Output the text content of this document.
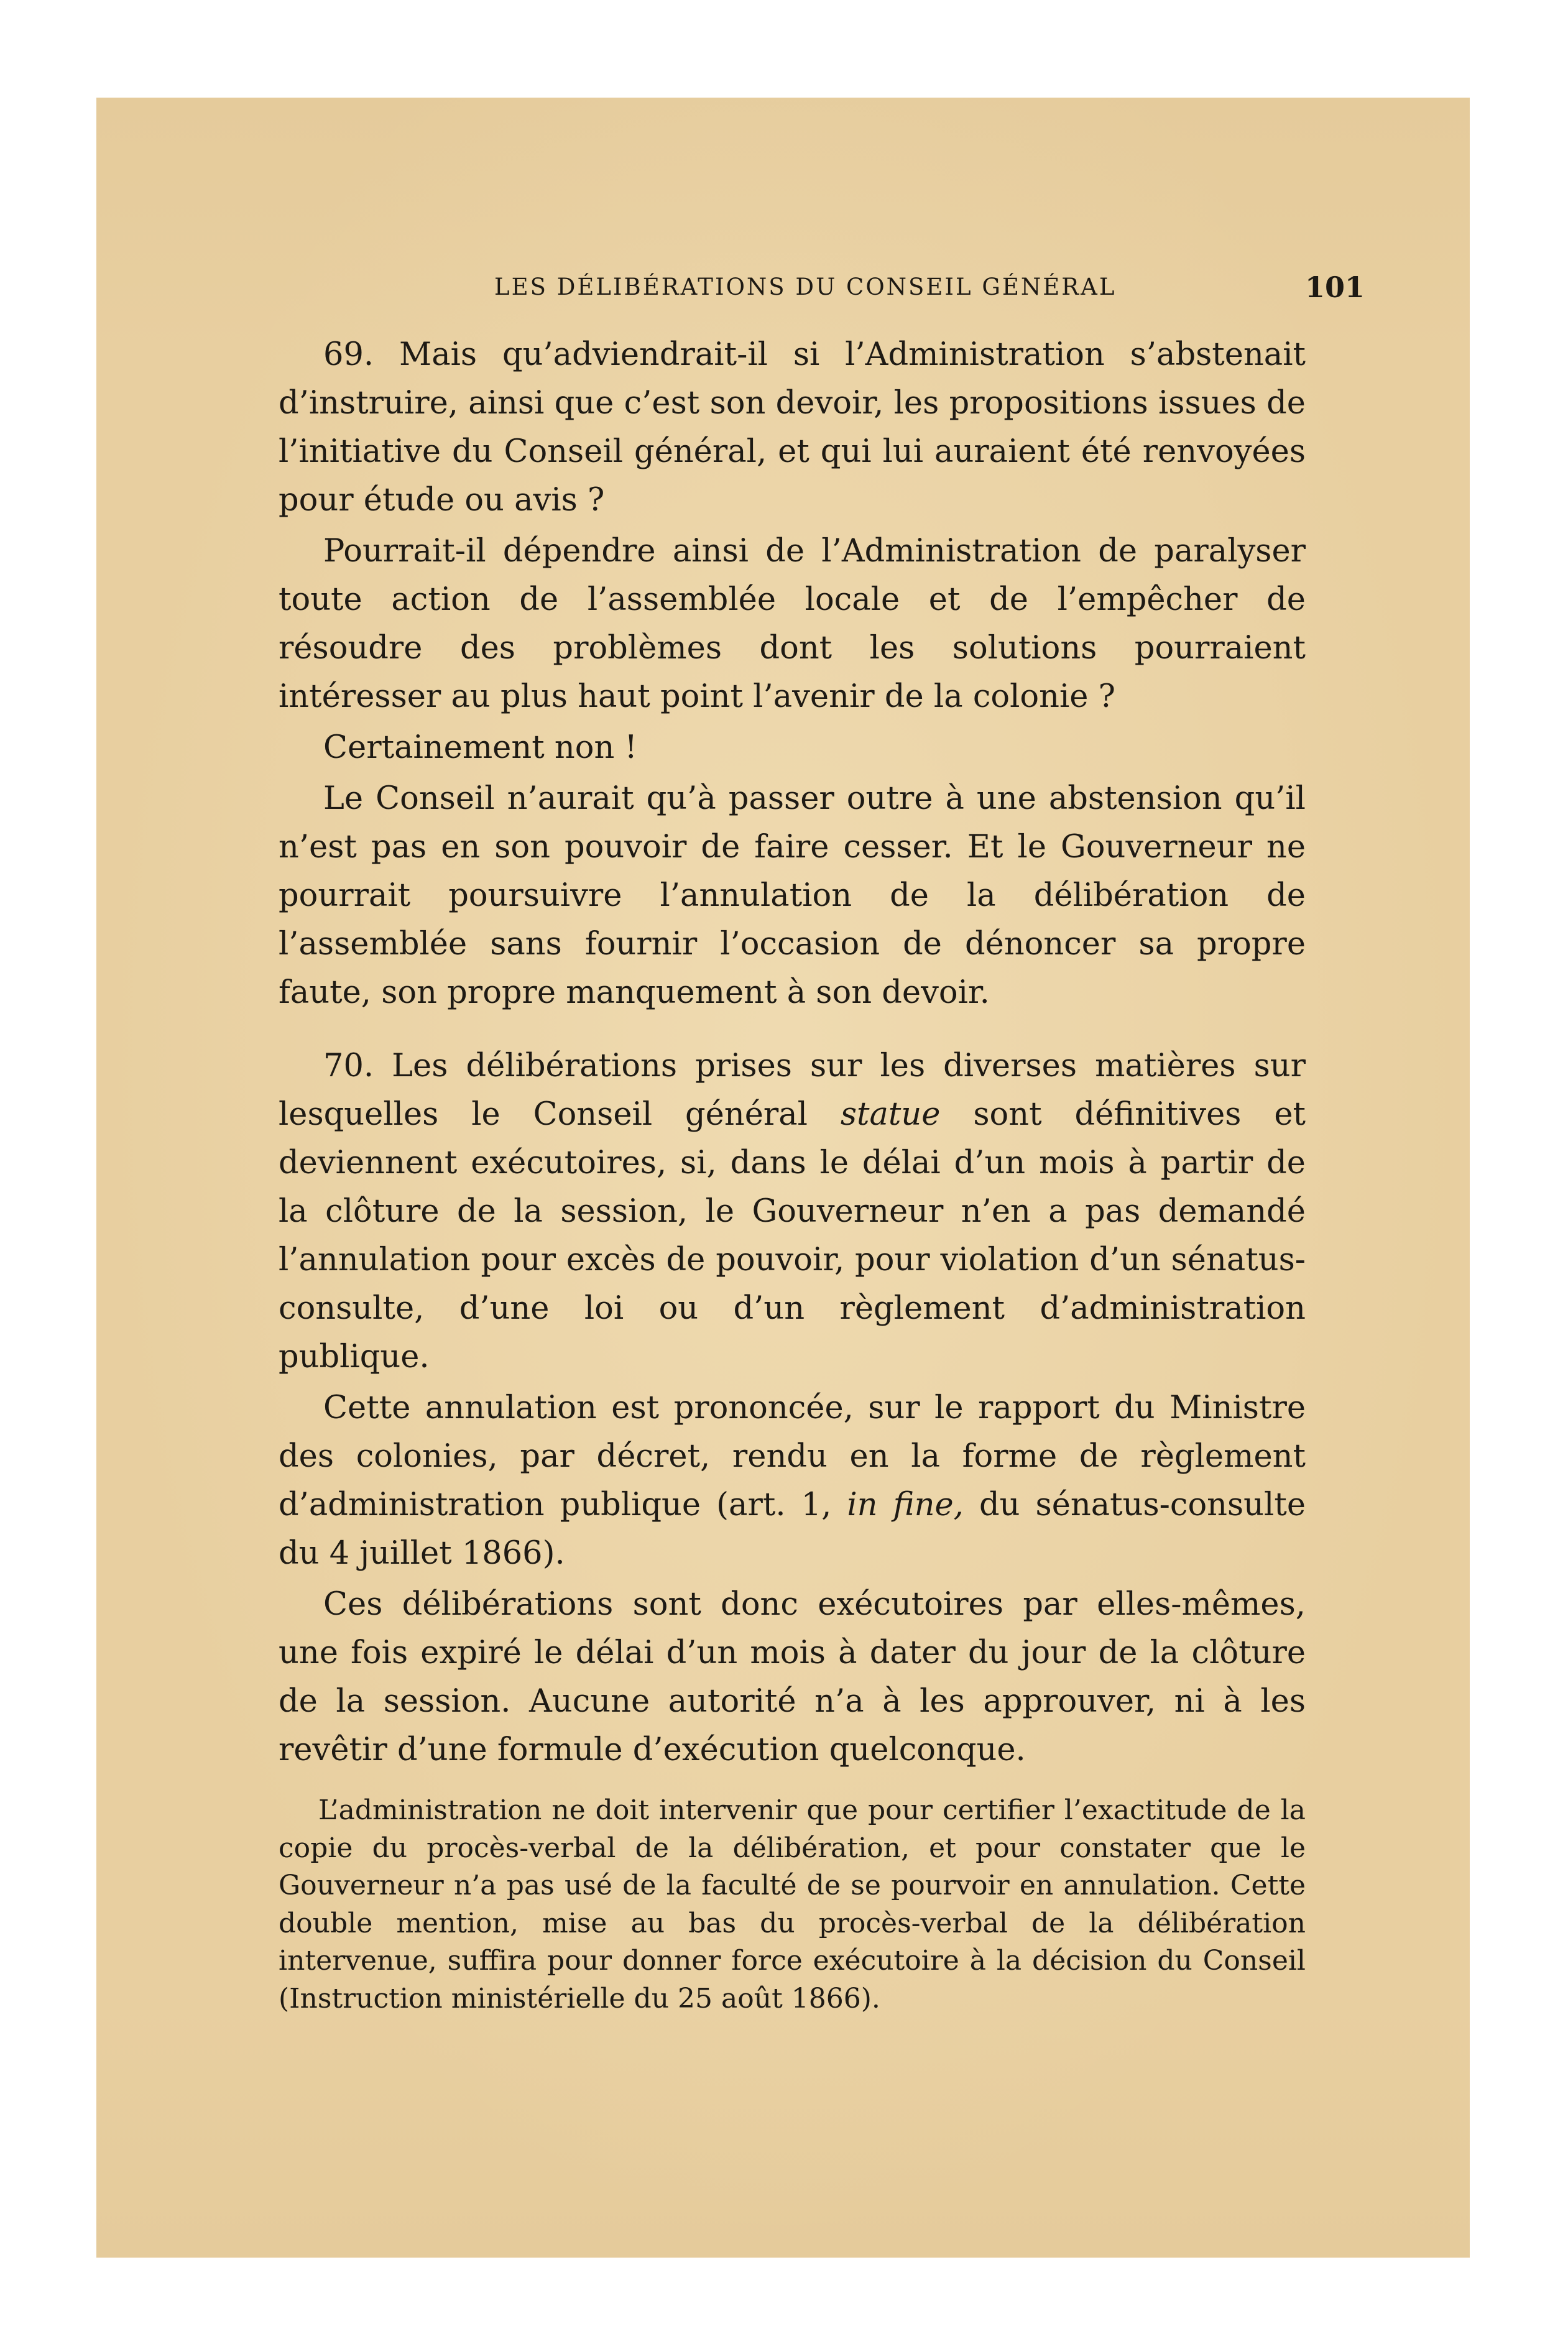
LES DÉLIBÉRATIONS DU CONSEIL GÉNÉRAL	101

69. Mais qu’adviendrait-il si l’Administration s’abstenait d’instruire, ainsi que c’est son devoir, les propositions issues de l’initiative du Conseil général, et qui lui auraient été renvoyées pour étude ou avis ?

Pourrait-il dépendre ainsi de l’Administration de paralyser toute action de l’assemblée locale et de l’empêcher de résoudre des problèmes dont les solutions pourraient intéresser au plus haut point l’avenir de la colonie ?

Certainement non !

Le Conseil n’aurait qu’à passer outre à une abstension qu’il n’est pas en son pouvoir de faire cesser. Et le Gouverneur ne pourrait poursuivre l’annulation de la délibération de l’assemblée sans fournir l’occasion de dénoncer sa propre faute, son propre manquement à son devoir.

70. Les délibérations prises sur les diverses matières sur lesquelles le Conseil général statue sont définitives et deviennent exécutoires, si, dans le délai d’un mois à partir de la clôture de la session, le Gouverneur n’en a pas demandé l’annulation pour excès de pouvoir, pour violation d’un sénatus-consulte, d’une loi ou d’un règlement d’administration publique.

Cette annulation est prononcée, sur le rapport du Ministre des colonies, par décret, rendu en la forme de règlement d’administration publique (art. 1, in fine, du sénatus-consulte du 4 juillet 1866).

Ces délibérations sont donc exécutoires par elles-mêmes, une fois expiré le délai d’un mois à dater du jour de la clôture de la session. Aucune autorité n’a à les approuver, ni à les revêtir d’une formule d’exécution quelconque.

L’administration ne doit intervenir que pour certifier l’exactitude de la copie du procès-verbal de la délibération, et pour constater que le Gouverneur n’a pas usé de la faculté de se pourvoir en annulation. Cette double mention, mise au bas du procès-verbal de la délibération intervenue, suffira pour donner force exécutoire à la décision du Conseil (Instruction ministérielle du 25 août 1866).
